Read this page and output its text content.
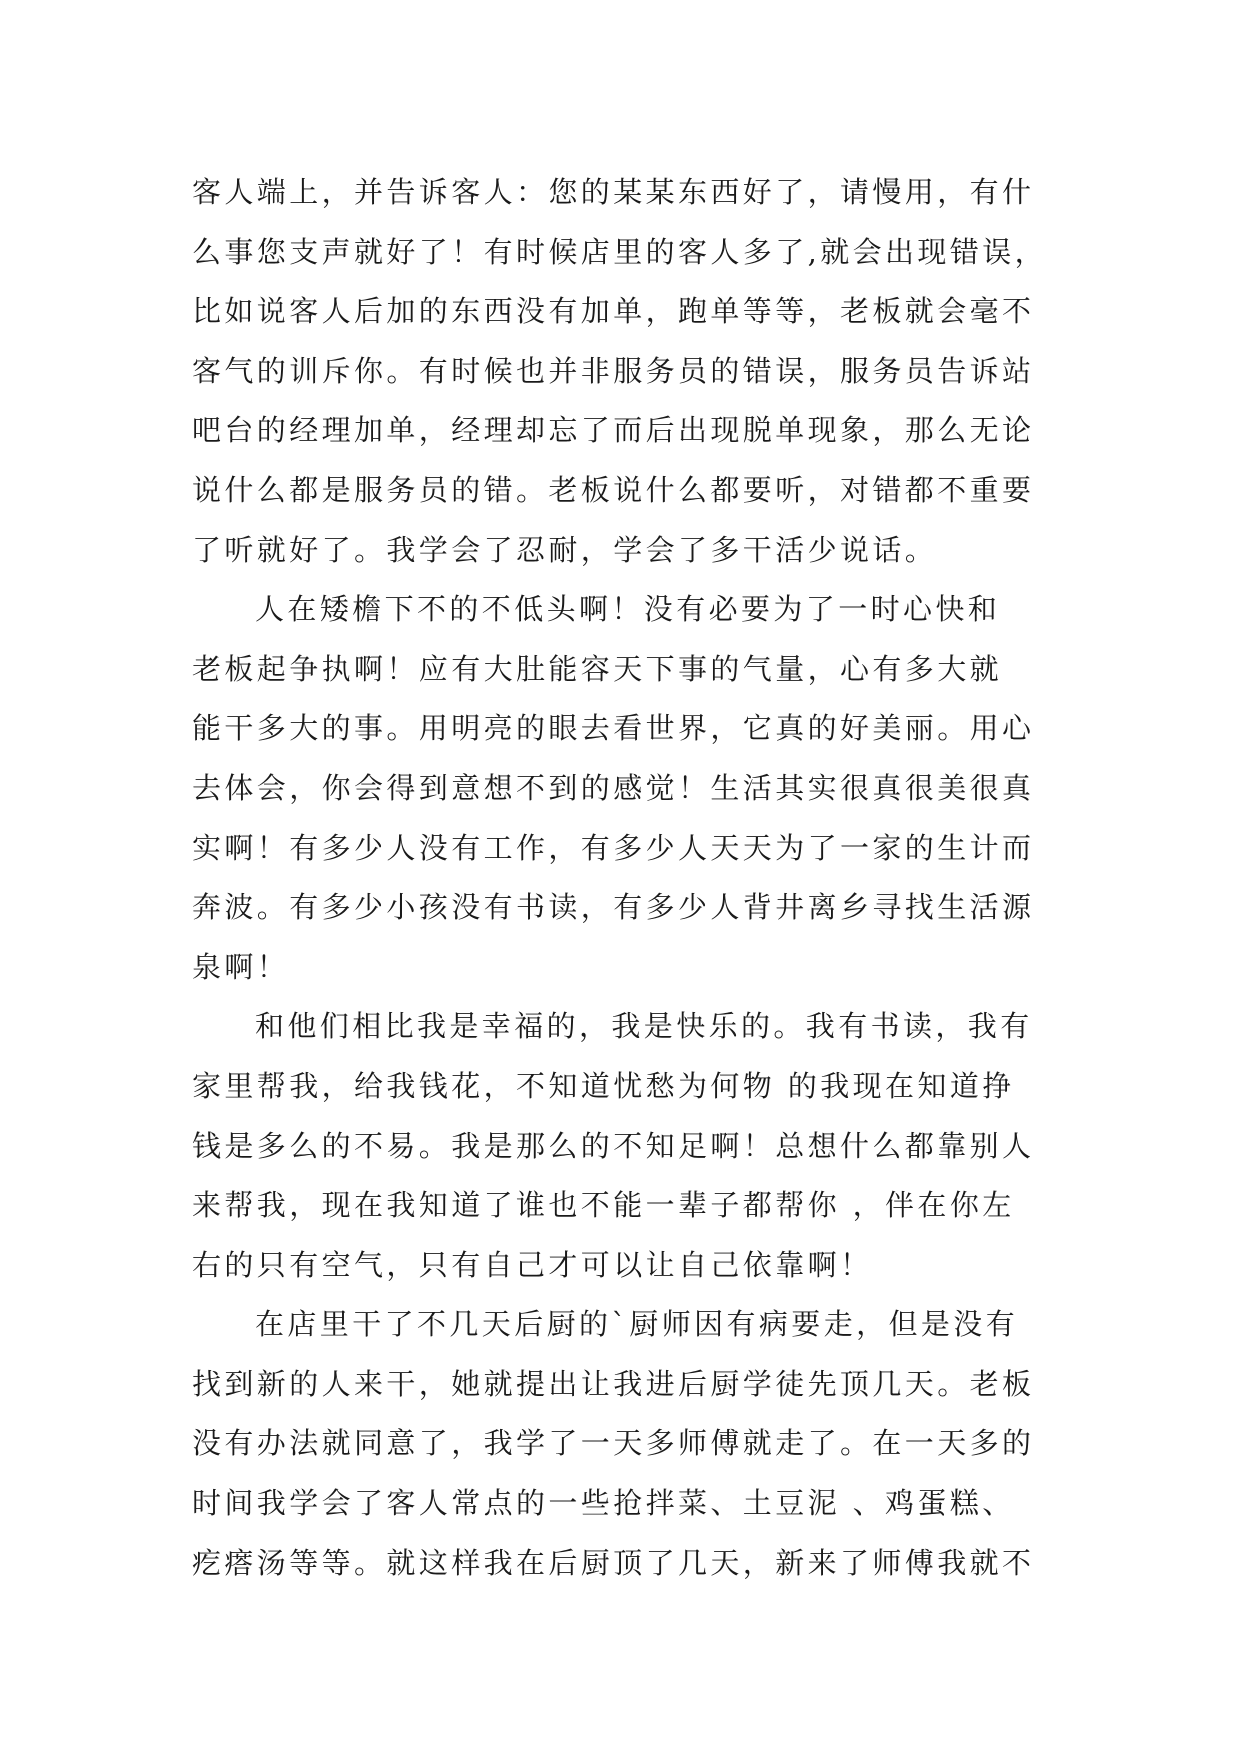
客人端上，并告诉客人：您的某某东西好了，请慢用，有什
么事您支声就好了！有时候店里的客人多了,就会出现错误，
比如说客人后加的东西没有加单，跑单等等，老板就会毫不
客气的训斥你。有时候也并非服务员的错误，服务员告诉站
吧台的经理加单，经理却忘了而后出现脱单现象，那么无论
说什么都是服务员的错。老板说什么都要听，对错都不重要
了听就好了。我学会了忍耐，学会了多干活少说话。
人在矮檐下不的不低头啊！没有必要为了一时心快和
老板起争执啊！应有大肚能容天下事的气量，心有多大就
能干多大的事。用明亮的眼去看世界，它真的好美丽。用心
去体会，你会得到意想不到的感觉！生活其实很真很美很真
实啊！有多少人没有工作，有多少人天天为了一家的生计而
奔波。有多少小孩没有书读，有多少人背井离乡寻找生活源
泉啊！
和他们相比我是幸福的，我是快乐的。我有书读，我有
家里帮我，给我钱花，不知道忧愁为何物 的我现在知道挣
钱是多么的不易。我是那么的不知足啊！总想什么都靠别人
来帮我，现在我知道了谁也不能一辈子都帮你 ，伴在你左
右的只有空气，只有自己才可以让自己依靠啊！
在店里干了不几天后厨的`厨师因有病要走，但是没有
找到新的人来干，她就提出让我进后厨学徒先顶几天。老板
没有办法就同意了，我学了一天多师傅就走了。在一天多的
时间我学会了客人常点的一些抢拌菜、土豆泥 、鸡蛋糕、
疙瘩汤等等。就这样我在后厨顶了几天，新来了师傅我就不
